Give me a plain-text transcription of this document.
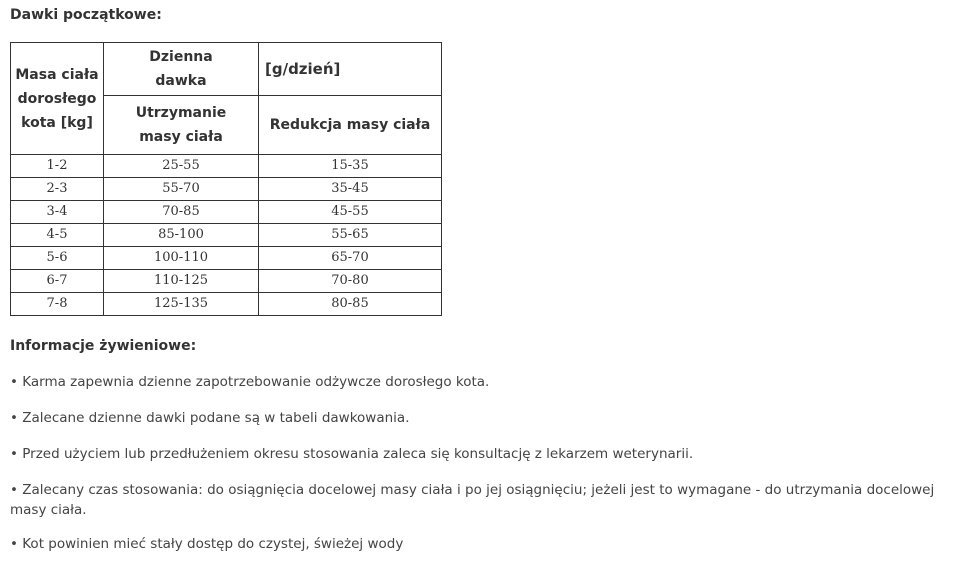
Dawki początkowe:
Masa ciała dorosłego kota [kg]	Dzienna dawka	[g/dzień]
	Utrzymanie masy ciała	Redukcja masy ciała
1-2	25-55	15-35
2-3	55-70	35-45
3-4	70-85	45-55
4-5	85-100	55-65
5-6	100-110	65-70
6-7	110-125	70-80
7-8	125-135	80-85
Informacje żywieniowe:
• Karma zapewnia dzienne zapotrzebowanie odżywcze dorosłego kota.
• Zalecane dzienne dawki podane są w tabeli dawkowania.
• Przed użyciem lub przedłużeniem okresu stosowania zaleca się konsultację z lekarzem weterynarii.
• Zalecany czas stosowania: do osiągnięcia docelowej masy ciała i po jej osiągnięciu; jeżeli jest to wymagane - do utrzymania docelowej masy ciała.
• Kot powinien mieć stały dostęp do czystej, świeżej wody
